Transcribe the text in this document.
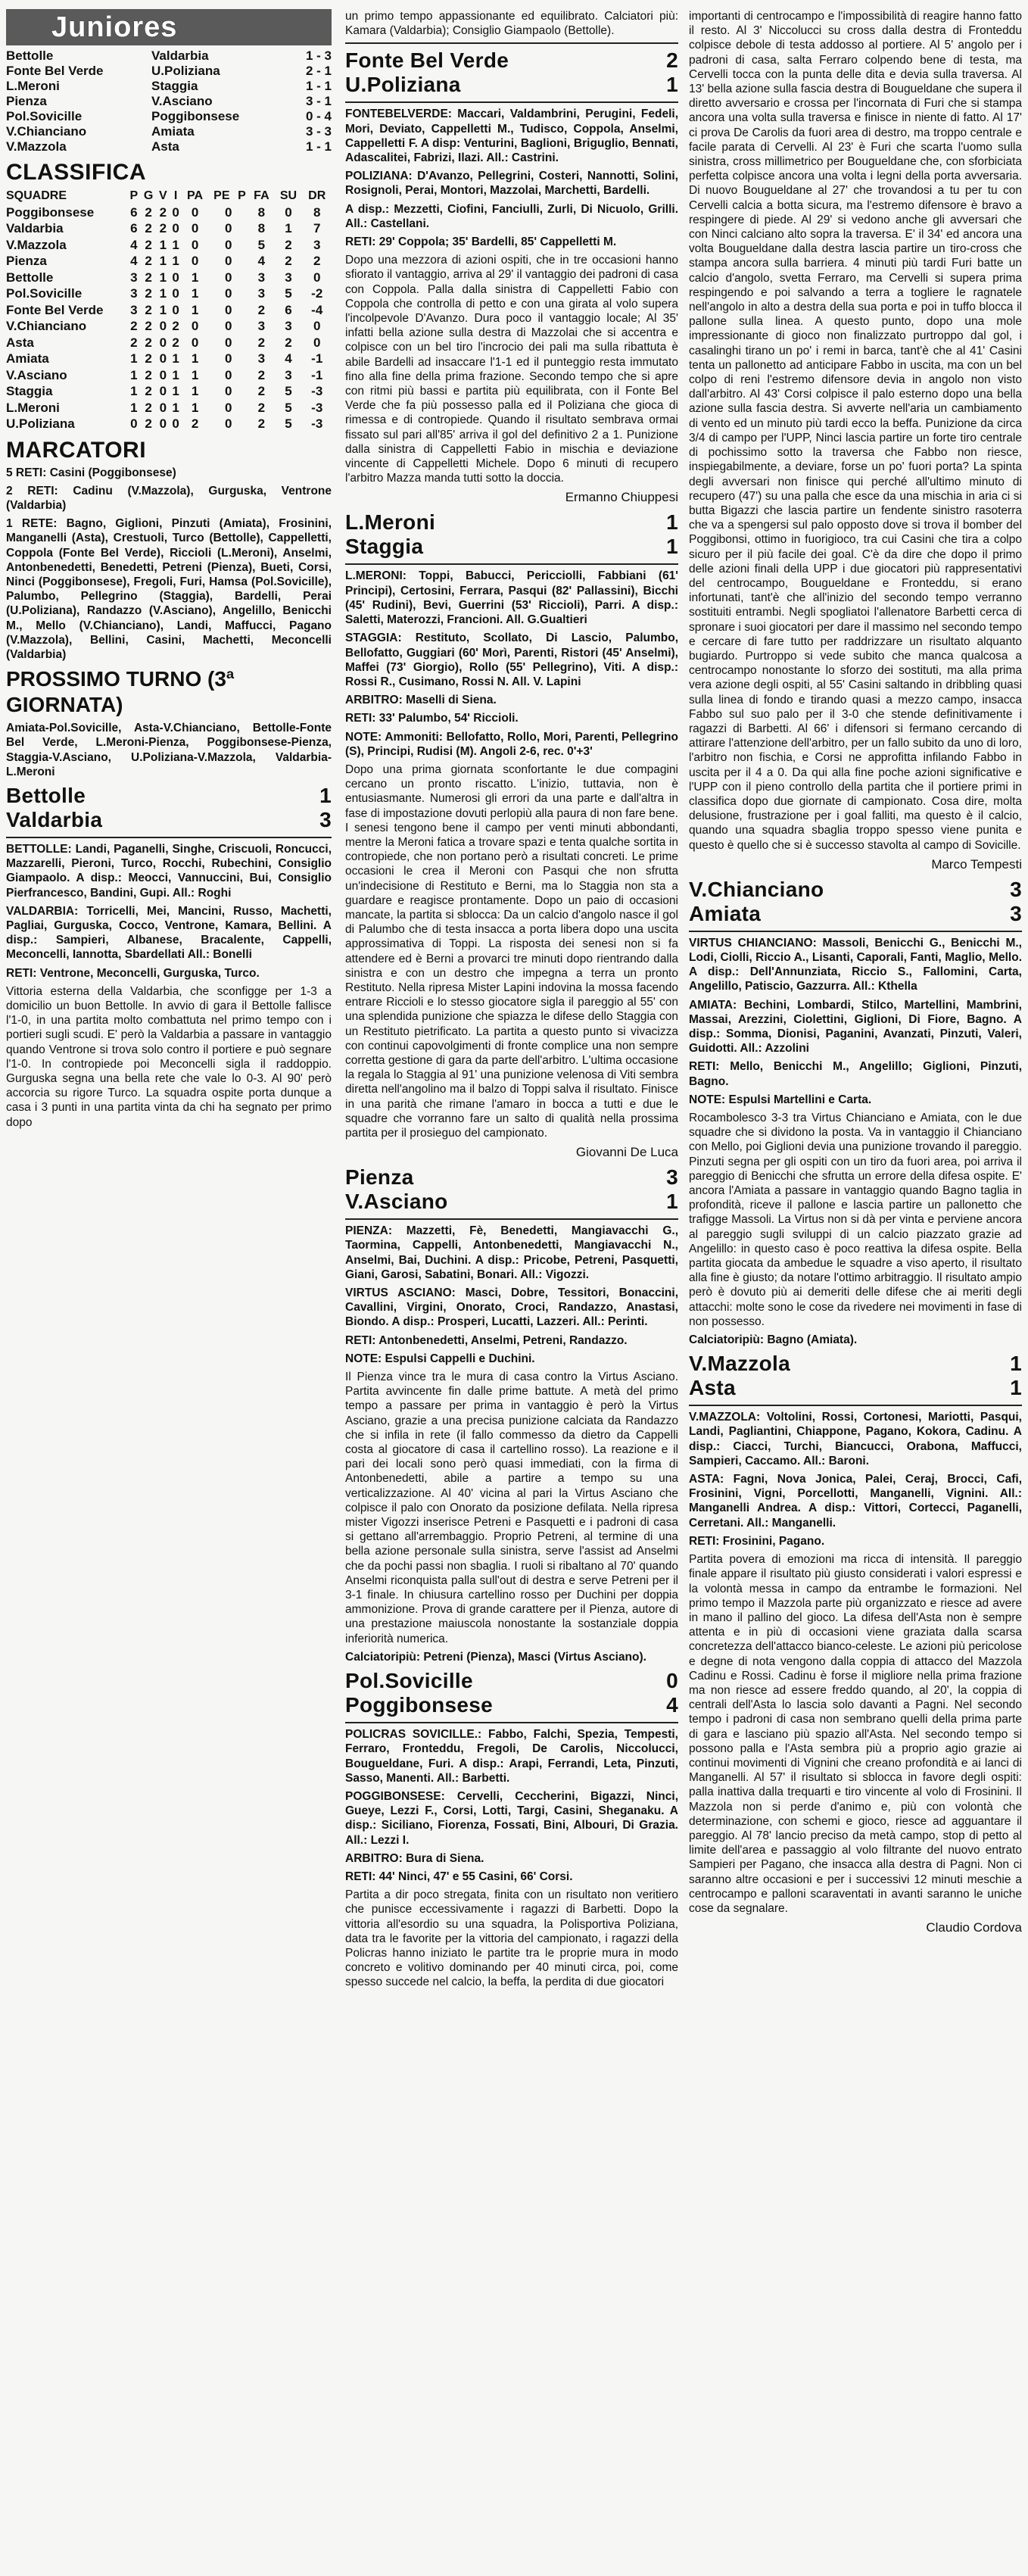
Juniores
Bettolle	Valdarbia	1 - 3
Fonte Bel Verde	U.Poliziana	2 - 1
L.Meroni	Staggia	1 - 1
Pienza	V.Asciano	3 - 1
Pol.Sovicille	Poggibonsese	0 - 4
V.Chianciano	Amiata	3 - 3
V.Mazzola	Asta	1 - 1
CLASSIFICA
SQUADRE	P	G	V	I	PA	PE	P	FA	SU	DR
Poggibonsese	6	2	2	0	0	0		8	0	8
Valdarbia	6	2	2	0	0	0		8	1	7
V.Mazzola	4	2	1	1	0	0		5	2	3
Pienza	4	2	1	1	0	0		4	2	2
Bettolle	3	2	1	0	1	0		3	3	0
Pol.Sovicille	3	2	1	0	1	0		3	5	-2
Fonte Bel Verde	3	2	1	0	1	0		2	6	-4
V.Chianciano	2	2	0	2	0	0		3	3	0
Asta	2	2	0	2	0	0		2	2	0
Amiata	1	2	0	1	1	0		3	4	-1
V.Asciano	1	2	0	1	1	0		2	3	-1
Staggia	1	2	0	1	1	0		2	5	-3
L.Meroni	1	2	0	1	1	0		2	5	-3
U.Poliziana	0	2	0	0	2	0		2	5	-3
MARCATORI

5 RETI: Casini (Poggibonsese)

2 RETI: Cadinu (V.Mazzola), Gurguska, Ventrone (Valdarbia)

1 RETE: Bagno, Giglioni, Pinzuti (Amiata), Frosinini, Manganelli (Asta), Crestuoli, Turco (Bettolle), Cappelletti, Coppola (Fonte Bel Verde), Riccioli (L.Meroni), Anselmi, Antonbenedetti, Benedetti, Petreni (Pienza), Bueti, Corsi, Ninci (Poggibonsese), Fregoli, Furi, Hamsa (Pol.Sovicille), Palumbo, Pellegrino (Staggia), Bardelli, Perai (U.Poliziana), Randazzo (V.Asciano), Angelillo, Benicchi M., Mello (V.Chianciano), Landi, Maffucci, Pagano (V.Mazzola), Bellini, Casini, Machetti, Meconcelli (Valdarbia)

PROSSIMO TURNO (3ª GIORNATA)

Amiata-Pol.Sovicille, Asta-V.Chianciano, Bettolle-Fonte Bel Verde, L.Meroni-Pienza, Poggibonsese-Pienza, Staggia-V.Asciano, U.Poliziana-V.Mazzola, Valdarbia-L.Meroni

Bettolle	1
Valdarbia	3

BETTOLLE: Landi, Paganelli, Singhe, Criscuoli, Roncucci, Mazzarelli, Pieroni, Turco, Rocchi, Rubechini, Consiglio Giampaolo. A disp.: Meocci, Vannuccini, Bui, Consiglio Pierfrancesco, Bandini, Gupi. All.: Roghi

VALDARBIA: Torricelli, Mei, Mancini, Russo, Machetti, Pagliai, Gurguska, Cocco, Ventrone, Kamara, Bellini. A disp.: Sampieri, Albanese, Bracalente, Cappelli, Meconcelli, Iannotta, Sbardellati All.: Bonelli

RETI: Ventrone, Meconcelli, Gurguska, Turco.

Vittoria esterna della Valdarbia, che sconfigge per 1-3 a domicilio un buon Bettolle. In avvio di gara il Bettolle fallisce l'1-0, in una partita molto combattuta nel primo tempo con i portieri sugli scudi. E' però la Valdarbia a passare in vantaggio quando Ventrone si trova solo contro il portiere e può segnare l'1-0. In contropiede poi Meconcelli sigla il raddoppio. Gurguska segna una bella rete che vale lo 0-3. Al 90' però accorcia su rigore Turco. La squadra ospite porta dunque a casa i 3 punti in una partita vinta da chi ha segnato per primo dopo

un primo tempo appassionante ed equilibrato. Calciatori più: Kamara (Valdarbia); Consiglio Giampaolo (Bettolle).

Fonte Bel Verde	2
U.Poliziana	1

FONTEBELVERDE: Maccari, Valdambrini, Perugini, Fedeli, Mori, Deviato, Cappelletti M., Tudisco, Coppola, Anselmi, Cappelletti F. A disp: Venturini, Baglioni, Briguglio, Bennati, Adascalitei, Fabrizi, Ilazi. All.: Castrini.

POLIZIANA: D'Avanzo, Pellegrini, Costeri, Nannotti, Solini, Rosignoli, Perai, Montori, Mazzolai, Marchetti, Bardelli.

A disp.: Mezzetti, Ciofini, Fanciulli, Zurli, Di Nicuolo, Grilli. All.: Castellani.

RETI: 29' Coppola; 35' Bardelli, 85' Cappelletti M.

Dopo una mezzora di azioni ospiti, che in tre occasioni hanno sfiorato il vantaggio, arriva al 29' il vantaggio dei padroni di casa con Coppola. Palla dalla sinistra di Cappelletti Fabio con Coppola che controlla di petto e con una girata al volo supera l'incolpevole D'Avanzo. Dura poco il vantaggio locale; Al 35' infatti bella azione sulla destra di Mazzolai che si accentra e colpisce con un bel tiro l'incrocio dei pali ma sulla ribattuta è abile Bardelli ad insaccare l'1-1 ed il punteggio resta immutato fino alla fine della prima frazione. Secondo tempo che si apre con ritmi più bassi e partita più equilibrata, con il Fonte Bel Verde che fa più possesso palla ed il Poliziana che gioca di rimessa e di contropiede. Quando il risultato sembrava ormai fissato sul pari all'85' arriva il gol del definitivo 2 a 1. Punizione dalla sinistra di Cappelletti Fabio in mischia e deviazione vincente di Cappelletti Michele. Dopo 6 minuti di recupero l'arbitro Mazza manda tutti sotto la doccia.

Ermanno Chiuppesi
L.Meroni	1
Staggia	1

L.MERONI: Toppi, Babucci, Pericciolli, Fabbiani (61' Principi), Certosini, Ferrara, Pasqui (82' Pallassini), Bicchi (45' Rudini), Bevi, Guerrini (53' Riccioli), Parri. A disp.: Saletti, Materozzi, Francioni. All. G.Gualtieri

STAGGIA: Restituto, Scollato, Di Lascio, Palumbo, Bellofatto, Guggiari (60' Morì, Parenti, Ristori (45' Anselmi), Maffei (73' Giorgio), Rollo (55' Pellegrino), Viti. A disp.: Rossi R., Cusimano, Rossi N. All. V. Lapini

ARBITRO: Maselli di Siena.

RETI: 33' Palumbo, 54' Riccioli.

NOTE: Ammoniti: Bellofatto, Rollo, Mori, Parenti, Pellegrino (S), Principi, Rudisi (M). Angoli 2-6, rec. 0'+3'

Dopo una prima giornata sconfortante le due compagini cercano un pronto riscatto. L'inizio, tuttavia, non è entusiasmante. Numerosi gli errori da una parte e dall'altra in fase di impostazione dovuti perlopiù alla paura di non fare bene. I senesi tengono bene il campo per venti minuti abbondanti, mentre la Meroni fatica a trovare spazi e tenta qualche sortita in contropiede, che non portano però a risultati concreti. Le prime occasioni le crea il Meroni con Pasqui che non sfrutta un'indecisione di Restituto e Berni, ma lo Staggia non sta a guardare e reagisce prontamente. Dopo un paio di occasioni mancate, la partita si sblocca: Da un calcio d'angolo nasce il gol di Palumbo che di testa insacca a porta libera dopo una uscita approssimativa di Toppi. La risposta dei senesi non si fa attendere ed è Berni a provarci tre minuti dopo rientrando dalla sinistra e con un destro che impegna a terra un pronto Restituto. Nella ripresa Mister Lapini indovina la mossa facendo entrare Riccioli e lo stesso giocatore sigla il pareggio al 55' con una splendida punizione che spiazza le difese dello Staggia con un Restituto pietrificato. La partita a questo punto si vivacizza con continui capovolgimenti di fronte complice una non sempre corretta gestione di gara da parte dell'arbitro. L'ultima occasione la regala lo Staggia al 91' una punizione velenosa di Viti sembra diretta nell'angolino ma il balzo di Toppi salva il risultato. Finisce in una parità che rimane l'amaro in bocca a tutti e due le squadre che vorranno fare un salto di qualità nella prossima partita per il prosieguo del campionato.

Giovanni De Luca
Pienza	3
V.Asciano	1

PIENZA: Mazzetti, Fè, Benedetti, Mangiavacchi G., Taormina, Cappelli, Antonbenedetti, Mangiavacchi N., Anselmi, Bai, Duchini. A disp.: Pricobe, Petreni, Pasquetti, Giani, Garosi, Sabatini, Bonari. All.: Vigozzi.

VIRTUS ASCIANO: Masci, Dobre, Tessitori, Bonaccini, Cavallini, Virgini, Onorato, Croci, Randazzo, Anastasi, Biondo. A disp.: Prosperi, Lucatti, Lazzeri. All.: Perinti.

RETI: Antonbenedetti, Anselmi, Petreni, Randazzo.

NOTE: Espulsi Cappelli e Duchini.

Il Pienza vince tra le mura di casa contro la Virtus Asciano. Partita avvincente fin dalle prime battute. A metà del primo tempo a passare per prima in vantaggio è però la Virtus Asciano, grazie a una precisa punizione calciata da Randazzo che si infila in rete (il fallo commesso da dietro da Cappelli costa al giocatore di casa il cartellino rosso). La reazione e il pari dei locali sono però quasi immediati, con la firma di Antonbenedetti, abile a partire a tempo su una verticalizzazione. Al 40' vicina al pari la Virtus Asciano che colpisce il palo con Onorato da posizione defilata. Nella ripresa mister Vigozzi inserisce Petreni e Pasquetti e i padroni di casa si gettano all'arrembaggio. Proprio Petreni, al termine di una bella azione personale sulla sinistra, serve l'assist ad Anselmi che da pochi passi non sbaglia. I ruoli si ribaltano al 70' quando Anselmi riconquista palla sull'out di destra e serve Petreni per il 3-1 finale. In chiusura cartellino rosso per Duchini per doppia ammonizione. Prova di grande carattere per il Pienza, autore di una prestazione maiuscola nonostante la sostanziale doppia inferiorità numerica.

Calciatoripiù: Petreni (Pienza), Masci (Virtus Asciano).

Pol.Sovicille	0
Poggibonsese	4

POLICRAS SOVICILLE.: Fabbo, Falchi, Spezia, Tempesti, Ferraro, Fronteddu, Fregoli, De Carolis, Niccolucci, Bougueldane, Furi. A disp.: Arapi, Ferrandi, Leta, Pinzuti, Sasso, Manenti. All.: Barbetti.

POGGIBONSESE: Cervelli, Ceccherini, Bigazzi, Ninci, Gueye, Lezzi F., Corsi, Lotti, Targi, Casini, Sheganaku. A disp.: Siciliano, Fiorenza, Fossati, Bini, Albouri, Di Grazia. All.: Lezzi I.

ARBITRO: Bura di Siena.

RETI: 44' Ninci, 47' e 55 Casini, 66' Corsi.

Partita a dir poco stregata, finita con un risultato non veritiero che punisce eccessivamente i ragazzi di Barbetti. Dopo la vittoria all'esordio su una squadra, la Polisportiva Poliziana, data tra le favorite per la vittoria del campionato, i ragazzi della Policras hanno iniziato le partite tra le proprie mura in modo concreto e volitivo dominando per 40 minuti circa, poi, come spesso succede nel calcio, la beffa, la perdita di due giocatori

importanti di centrocampo e l'impossibilità di reagire hanno fatto il resto. Al 3' Niccolucci su cross dalla destra di Fronteddu colpisce debole di testa addosso al portiere. Al 5' angolo per i padroni di casa, salta Ferraro colpendo bene di testa, ma Cervelli tocca con la punta delle dita e devia sulla traversa. Al 13' bella azione sulla fascia destra di Bougueldane che supera il diretto avversario e crossa per l'incornata di Furi che si stampa ancora una volta sulla traversa e finisce in niente di fatto. Al 17' ci prova De Carolis da fuori area di destro, ma troppo centrale e facile parata di Cervelli. Al 23' è Furi che scarta l'uomo sulla sinistra, cross millimetrico per Bougueldane che, con sforbiciata perfetta colpisce ancora una volta i legni della porta avversaria. Di nuovo Bougueldane al 27' che trovandosi a tu per tu con Cervelli calcia a botta sicura, ma l'estremo difensore è bravo a respingere di piede. Al 29' si vedono anche gli avversari che con Ninci calciano alto sopra la traversa. E' il 34' ed ancora una volta Bougueldane dalla destra lascia partire un tiro-cross che stampa ancora sulla barriera. 4 minuti più tardi Furi batte un calcio d'angolo, svetta Ferraro, ma Cervelli si supera prima respingendo e poi salvando a terra a togliere le ragnatele nell'angolo in alto a destra della sua porta e poi in tuffo blocca il pallone sulla linea. A questo punto, dopo una mole impressionante di gioco non finalizzato purtroppo dal gol, i casalinghi tirano un po' i remi in barca, tant'è che al 41' Casini tenta un pallonetto ad anticipare Fabbo in uscita, ma con un bel colpo di reni l'estremo difensore devia in angolo non visto dall'arbitro. Al 43' Corsi colpisce il palo esterno dopo una bella azione sulla fascia destra. Si avverte nell'aria un cambiamento di vento ed un minuto più tardi ecco la beffa. Punizione da circa 3/4 di campo per l'UPP, Ninci lascia partire un forte tiro centrale di pochissimo sotto la traversa che Fabbo non riesce, inspiegabilmente, a deviare, forse un po' fuori porta? La spinta degli avversari non finisce qui perché all'ultimo minuto di recupero (47') su una palla che esce da una mischia in aria ci si butta Bigazzi che lascia partire un fendente sinistro rasoterra che va a spengersi sul palo opposto dove si trova il bomber del Poggibonsi, ottimo in fuorigioco, tra cui Casini che tira a colpo sicuro per il più facile dei goal. C'è da dire che dopo il primo delle azioni finali della UPP i due giocatori più rappresentativi del centrocampo, Bougueldane e Fronteddu, si erano infortunati, tant'è che all'inizio del secondo tempo verranno sostituiti entrambi. Negli spogliatoi l'allenatore Barbetti cerca di spronare i suoi giocatori per dare il massimo nel secondo tempo e cercare di fare tutto per raddrizzare un risultato alquanto bugiardo. Purtroppo si vede subito che manca qualcosa a centrocampo nonostante lo sforzo dei sostituti, ma alla prima vera azione degli ospiti, al 55' Casini saltando in dribbling quasi sulla linea di fondo e tirando quasi a mezzo campo, insacca Fabbo sul suo palo per il 3-0 che stende definitivamente i ragazzi di Barbetti. Al 66' i difensori si fermano cercando di attirare l'attenzione dell'arbitro, per un fallo subito da uno di loro, l'arbitro non fischia, e Corsi ne approfitta infilando Fabbo in uscita per il 4 a 0. Da qui alla fine poche azioni significative e l'UPP con il pieno controllo della partita che il portiere primi in classifica dopo due giornate di campionato. Cosa dire, molta delusione, frustrazione per i goal falliti, ma questo è il calcio, quando una squadra sbaglia troppo spesso viene punita e questo è quello che si è successo stavolta al campo di Sovicille.

Marco Tempesti
V.Chianciano	3
Amiata	3

VIRTUS CHIANCIANO: Massoli, Benicchi G., Benicchi M., Lodi, Ciolli, Riccio A., Lisanti, Caporali, Fanti, Maglio, Mello. A disp.: Dell'Annunziata, Riccio S., Fallomini, Carta, Angelillo, Patiscio, Gazzurra. All.: Kthella

AMIATA: Bechini, Lombardi, Stilco, Martellini, Mambrini, Massai, Arezzini, Ciolettini, Giglioni, Di Fiore, Bagno. A disp.: Somma, Dionisi, Paganini, Avanzati, Pinzuti, Valeri, Guidotti. All.: Azzolini

RETI: Mello, Benicchi M., Angelillo; Giglioni, Pinzuti, Bagno.

NOTE: Espulsi Martellini e Carta.

Rocambolesco 3-3 tra Virtus Chianciano e Amiata, con le due squadre che si dividono la posta. Va in vantaggio il Chianciano con Mello, poi Giglioni devia una punizione trovando il pareggio. Pinzuti segna per gli ospiti con un tiro da fuori area, poi arriva il pareggio di Benicchi che sfrutta un errore della difesa ospite. E' ancora l'Amiata a passare in vantaggio quando Bagno taglia in profondità, riceve il pallone e lascia partire un pallonetto che trafigge Massoli. La Virtus non si dà per vinta e perviene ancora al pareggio sugli sviluppi di un calcio piazzato grazie ad Angelillo: in questo caso è poco reattiva la difesa ospite. Bella partita giocata da ambedue le squadre a viso aperto, il risultato alla fine è giusto; da notare l'ottimo arbitraggio. Il risultato ampio però è dovuto più ai demeriti delle difese che ai meriti degli attacchi: molte sono le cose da rivedere nei movimenti in fase di non possesso.

Calciatoripiù: Bagno (Amiata).

V.Mazzola	1
Asta	1

V.MAZZOLA: Voltolini, Rossi, Cortonesi, Mariotti, Pasqui, Landi, Pagliantini, Chiappone, Pagano, Kokora, Cadinu. A disp.: Ciacci, Turchi, Biancucci, Orabona, Maffucci, Sampieri, Caccamo. All.: Baroni.

ASTA: Fagni, Nova Jonica, Palei, Ceraj, Brocci, Cafi, Frosinini, Vigni, Porcellotti, Manganelli, Vignini. All.: Manganelli Andrea. A disp.: Vittori, Cortecci, Paganelli, Cerretani. All.: Manganelli.

RETI: Frosinini, Pagano.

Partita povera di emozioni ma ricca di intensità. Il pareggio finale appare il risultato più giusto considerati i valori espressi e la volontà messa in campo da entrambe le formazioni. Nel primo tempo il Mazzola parte più organizzato e riesce ad avere in mano il pallino del gioco. La difesa dell'Asta non è sempre attenta e in più di occasioni viene graziata dalla scarsa concretezza dell'attacco bianco-celeste. Le azioni più pericolose e degne di nota vengono dalla coppia di attacco del Mazzola Cadinu e Rossi. Cadinu è forse il migliore nella prima frazione ma non riesce ad essere freddo quando, al 20', la coppia di centrali dell'Asta lo lascia solo davanti a Pagni. Nel secondo tempo i padroni di casa non sembrano quelli della prima parte di gara e lasciano più spazio all'Asta. Nel secondo tempo si possono palla e l'Asta sembra più a proprio agio grazie ai continui movimenti di Vignini che creano profondità e ai lanci di Manganelli. Al 57' il risultato si sblocca in favore degli ospiti: palla inattiva dalla trequarti e tiro vincente al volo di Frosinini. Il Mazzola non si perde d'animo e, più con volontà che determinazione, con schemi e gioco, riesce ad agguantare il pareggio. Al 78' lancio preciso da metà campo, stop di petto al limite dell'area e passaggio al volo filtrante del nuovo entrato Sampieri per Pagano, che insacca alla destra di Pagni. Non ci saranno altre occasioni e per i successivi 12 minuti meschie a centrocampo e palloni scaraventati in avanti saranno le uniche cose da segnalare.

Claudio Cordova
